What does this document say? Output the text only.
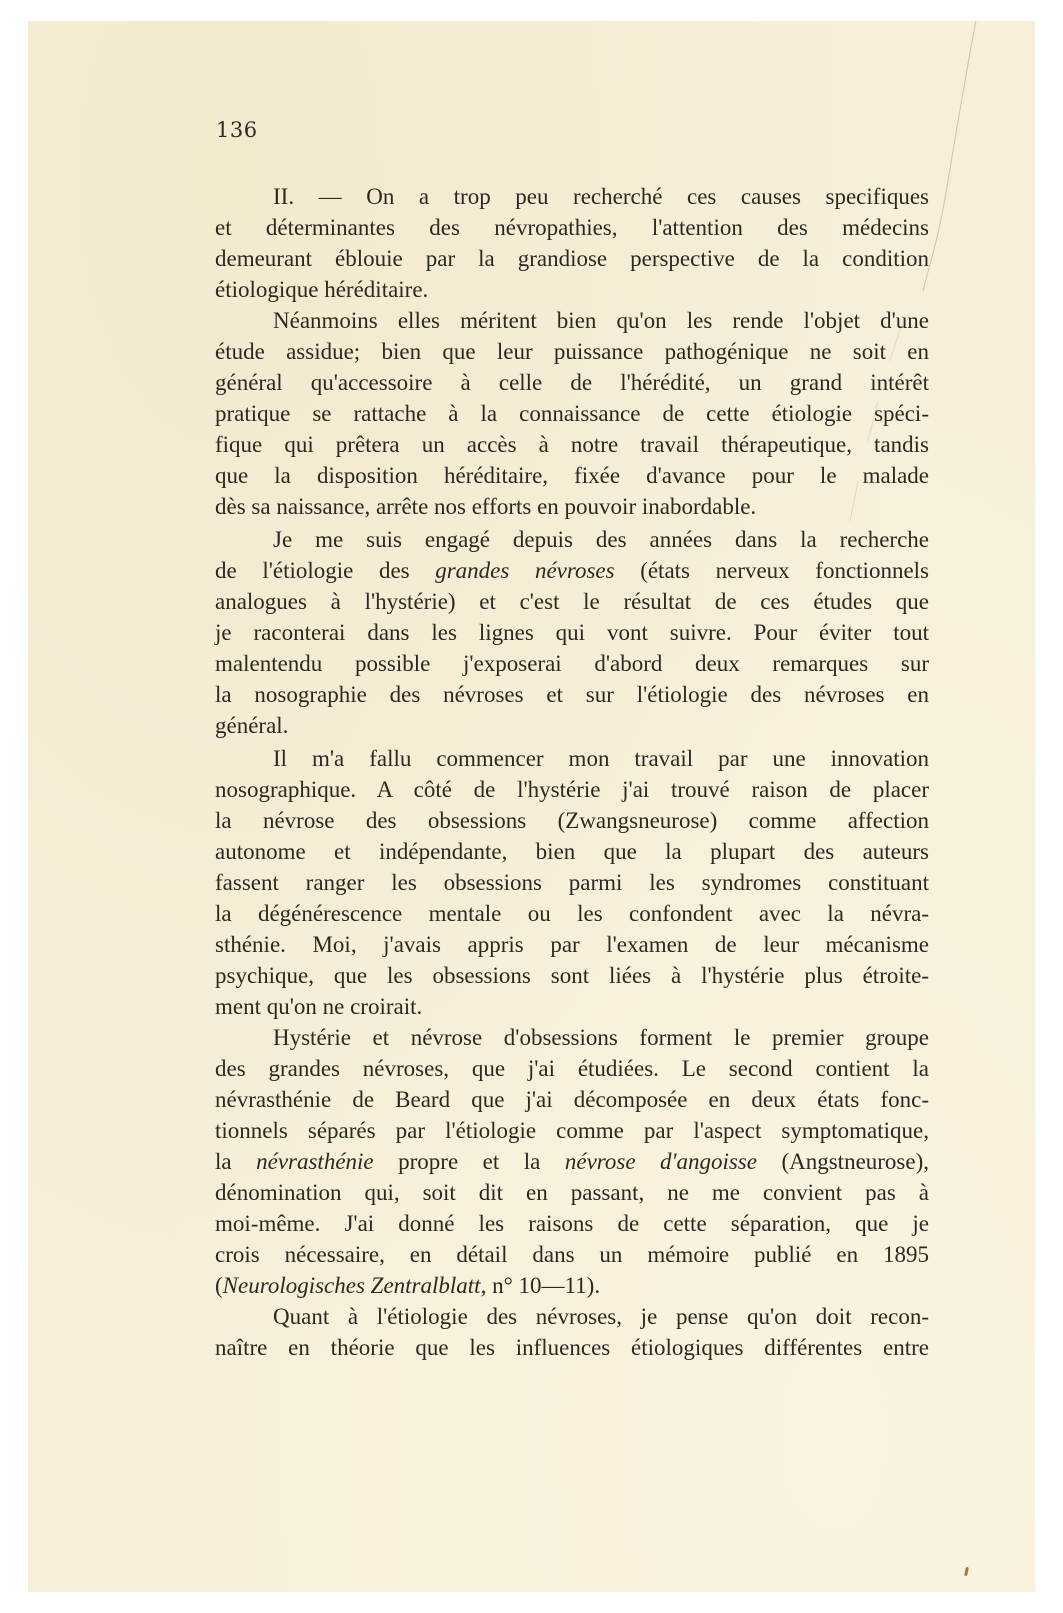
136
II. — On a trop peu recherché ces causes specifiques
et déterminantes des névropathies, l'attention des médecins
demeurant éblouie par la grandiose perspective de la condition
étiologique héréditaire.
Néanmoins elles méritent bien qu'on les rende l'objet d'une
étude assidue; bien que leur puissance pathogénique ne soit en
général qu'accessoire à celle de l'hérédité, un grand intérêt
pratique se rattache à la connaissance de cette étiologie spéci-
fique qui prêtera un accès à notre travail thérapeutique, tandis
que la disposition héréditaire, fixée d'avance pour le malade
dès sa naissance, arrête nos efforts en pouvoir inabordable.
Je me suis engagé depuis des années dans la recherche
de l'étiologie des grandes névroses (états nerveux fonctionnels
analogues à l'hystérie) et c'est le résultat de ces études que
je raconterai dans les lignes qui vont suivre. Pour éviter tout
malentendu possible j'exposerai d'abord deux remarques sur
la nosographie des névroses et sur l'étiologie des névroses en
général.
Il m'a fallu commencer mon travail par une innovation
nosographique. A côté de l'hystérie j'ai trouvé raison de placer
la névrose des obsessions (Zwangsneurose) comme affection
autonome et indépendante, bien que la plupart des auteurs
fassent ranger les obsessions parmi les syndromes constituant
la dégénérescence mentale ou les confondent avec la névra-
sthénie. Moi, j'avais appris par l'examen de leur mécanisme
psychique, que les obsessions sont liées à l'hystérie plus étroite-
ment qu'on ne croirait.
Hystérie et névrose d'obsessions forment le premier groupe
des grandes névroses, que j'ai étudiées. Le second contient la
névrasthénie de Beard que j'ai décomposée en deux états fonc-
tionnels séparés par l'étiologie comme par l'aspect symptomatique,
la névrasthénie propre et la névrose d'angoisse (Angstneurose),
dénomination qui, soit dit en passant, ne me convient pas à
moi-même. J'ai donné les raisons de cette séparation, que je
crois nécessaire, en détail dans un mémoire publié en 1895
(Neurologisches Zentralblatt, n° 10—11).
Quant à l'étiologie des névroses, je pense qu'on doit recon-
naître en théorie que les influences étiologiques différentes entre
